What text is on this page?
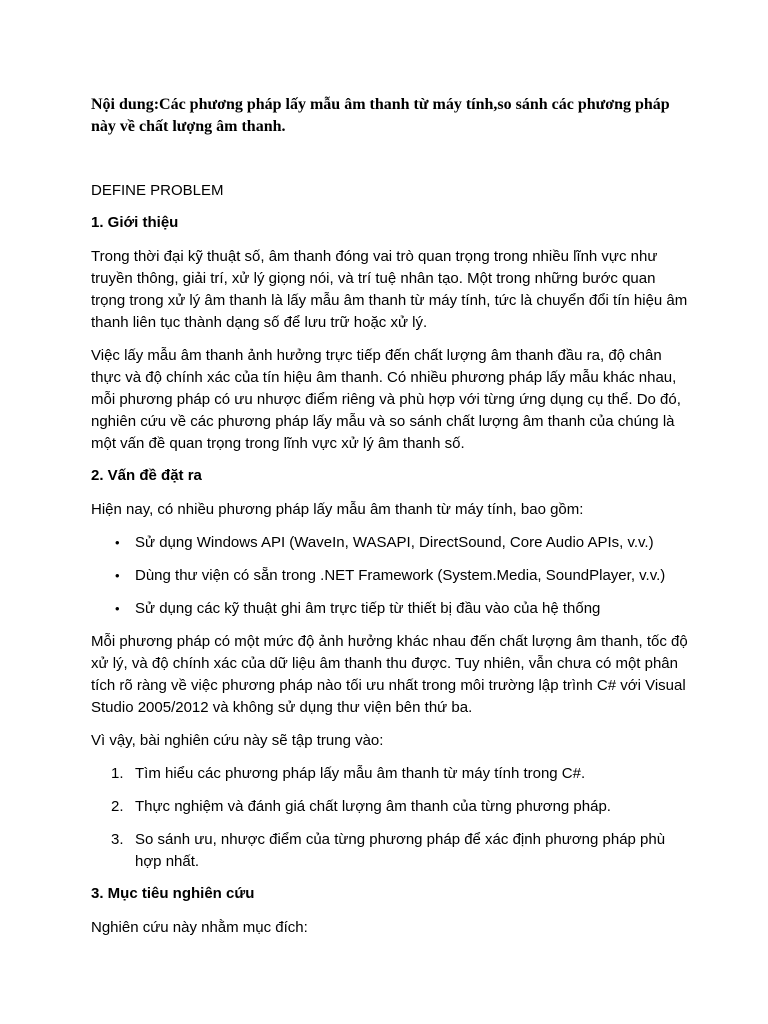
Nội dung:Các phương pháp lấy mẫu âm thanh từ máy tính,so sánh các phương pháp này về chất lượng âm thanh.
DEFINE PROBLEM
1. Giới thiệu

Trong thời đại kỹ thuật số, âm thanh đóng vai trò quan trọng trong nhiều lĩnh vực như truyền thông, giải trí, xử lý giọng nói, và trí tuệ nhân tạo. Một trong những bước quan trọng trong xử lý âm thanh là lấy mẫu âm thanh từ máy tính, tức là chuyển đổi tín hiệu âm thanh liên tục thành dạng số để lưu trữ hoặc xử lý.

Việc lấy mẫu âm thanh ảnh hưởng trực tiếp đến chất lượng âm thanh đầu ra, độ chân thực và độ chính xác của tín hiệu âm thanh. Có nhiều phương pháp lấy mẫu khác nhau, mỗi phương pháp có ưu nhược điểm riêng và phù hợp với từng ứng dụng cụ thể. Do đó, nghiên cứu về các phương pháp lấy mẫu và so sánh chất lượng âm thanh của chúng là một vấn đề quan trọng trong lĩnh vực xử lý âm thanh số.

2. Vấn đề đặt ra

Hiện nay, có nhiều phương pháp lấy mẫu âm thanh từ máy tính, bao gồm:

• Sử dụng Windows API (WaveIn, WASAPI, DirectSound, Core Audio APIs, v.v.)
• Dùng thư viện có sẵn trong .NET Framework (System.Media, SoundPlayer, v.v.)
• Sử dụng các kỹ thuật ghi âm trực tiếp từ thiết bị đầu vào của hệ thống

Mỗi phương pháp có một mức độ ảnh hưởng khác nhau đến chất lượng âm thanh, tốc độ xử lý, và độ chính xác của dữ liệu âm thanh thu được. Tuy nhiên, vẫn chưa có một phân tích rõ ràng về việc phương pháp nào tối ưu nhất trong môi trường lập trình C# với Visual Studio 2005/2012 và không sử dụng thư viện bên thứ ba.

Vì vậy, bài nghiên cứu này sẽ tập trung vào:

1. Tìm hiểu các phương pháp lấy mẫu âm thanh từ máy tính trong C#.
2. Thực nghiệm và đánh giá chất lượng âm thanh của từng phương pháp.
3. So sánh ưu, nhược điểm của từng phương pháp để xác định phương pháp phù hợp nhất.
3. Mục tiêu nghiên cứu

Nghiên cứu này nhằm mục đích:
